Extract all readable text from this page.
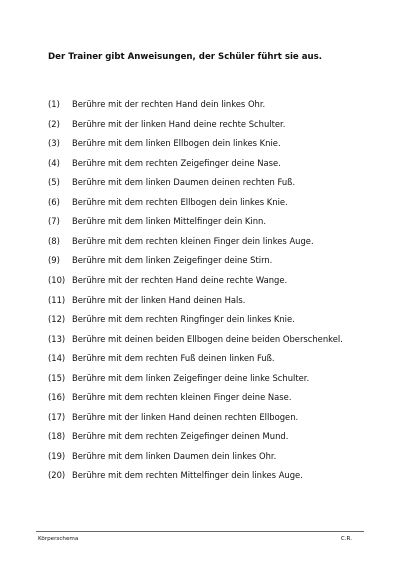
Der Trainer gibt Anweisungen, der Schüler führt sie aus.
(1) Berühre mit der rechten Hand dein linkes Ohr.
(2) Berühre mit der linken Hand deine rechte Schulter.
(3) Berühre mit dem linken Ellbogen dein linkes Knie.
(4) Berühre mit dem rechten Zeigefinger deine Nase.
(5) Berühre mit dem linken Daumen deinen rechten Fuß.
(6) Berühre mit dem rechten Ellbogen dein linkes Knie.
(7) Berühre mit dem linken Mittelfinger dein Kinn.
(8) Berühre mit dem rechten kleinen Finger dein linkes Auge.
(9) Berühre mit dem linken Zeigefinger deine Stirn.
(10) Berühre mit der rechten Hand deine rechte Wange.
(11) Berühre mit der linken Hand deinen Hals.
(12) Berühre mit dem rechten Ringfinger dein linkes Knie.
(13) Berühre mit deinen beiden Ellbogen deine beiden Oberschenkel.
(14) Berühre mit dem rechten Fuß deinen linken Fuß.
(15) Berühre mit dem linken Zeigefinger deine linke Schulter.
(16) Berühre mit dem rechten kleinen Finger deine Nase.
(17) Berühre mit der linken Hand deinen rechten Ellbogen.
(18) Berühre mit dem rechten Zeigefinger deinen Mund.
(19) Berühre mit dem linken Daumen dein linkes Ohr.
(20) Berühre mit dem rechten Mittelfinger dein linkes Auge.
Körperschema	C.R.
